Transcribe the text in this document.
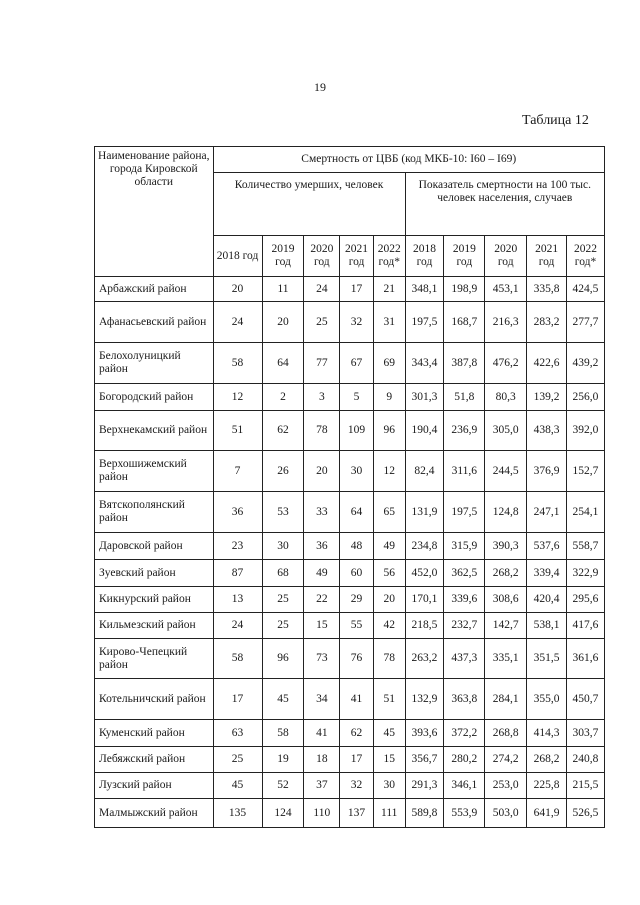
19
Таблица 12
Наименование района, города Кировской области	Смертность от ЦВБ (код МКБ-10: I60 – I69)									
	Количество умерших, человек					Показатель смертности на 100 тыс. человек населения, случаев				
	2018 год	2019 год	2020 год	2021 год	2022 год*	2018 год	2019 год	2020 год	2021 год	2022 год*
Арбажский район	20	11	24	17	21	348,1	198,9	453,1	335,8	424,5
Афанасьевский район	24	20	25	32	31	197,5	168,7	216,3	283,2	277,7
Белохолуницкий район	58	64	77	67	69	343,4	387,8	476,2	422,6	439,2
Богородский район	12	2	3	5	9	301,3	51,8	80,3	139,2	256,0
Верхнекамский район	51	62	78	109	96	190,4	236,9	305,0	438,3	392,0
Верхошижемский район	7	26	20	30	12	82,4	311,6	244,5	376,9	152,7
Вятскополянский район	36	53	33	64	65	131,9	197,5	124,8	247,1	254,1
Даровской район	23	30	36	48	49	234,8	315,9	390,3	537,6	558,7
Зуевский район	87	68	49	60	56	452,0	362,5	268,2	339,4	322,9
Кикнурский район	13	25	22	29	20	170,1	339,6	308,6	420,4	295,6
Кильмезский район	24	25	15	55	42	218,5	232,7	142,7	538,1	417,6
Кирово-Чепецкий район	58	96	73	76	78	263,2	437,3	335,1	351,5	361,6
Котельничский район	17	45	34	41	51	132,9	363,8	284,1	355,0	450,7
Куменский район	63	58	41	62	45	393,6	372,2	268,8	414,3	303,7
Лебяжский район	25	19	18	17	15	356,7	280,2	274,2	268,2	240,8
Лузский район	45	52	37	32	30	291,3	346,1	253,0	225,8	215,5
Малмыжский район	135	124	110	137	111	589,8	553,9	503,0	641,9	526,5
